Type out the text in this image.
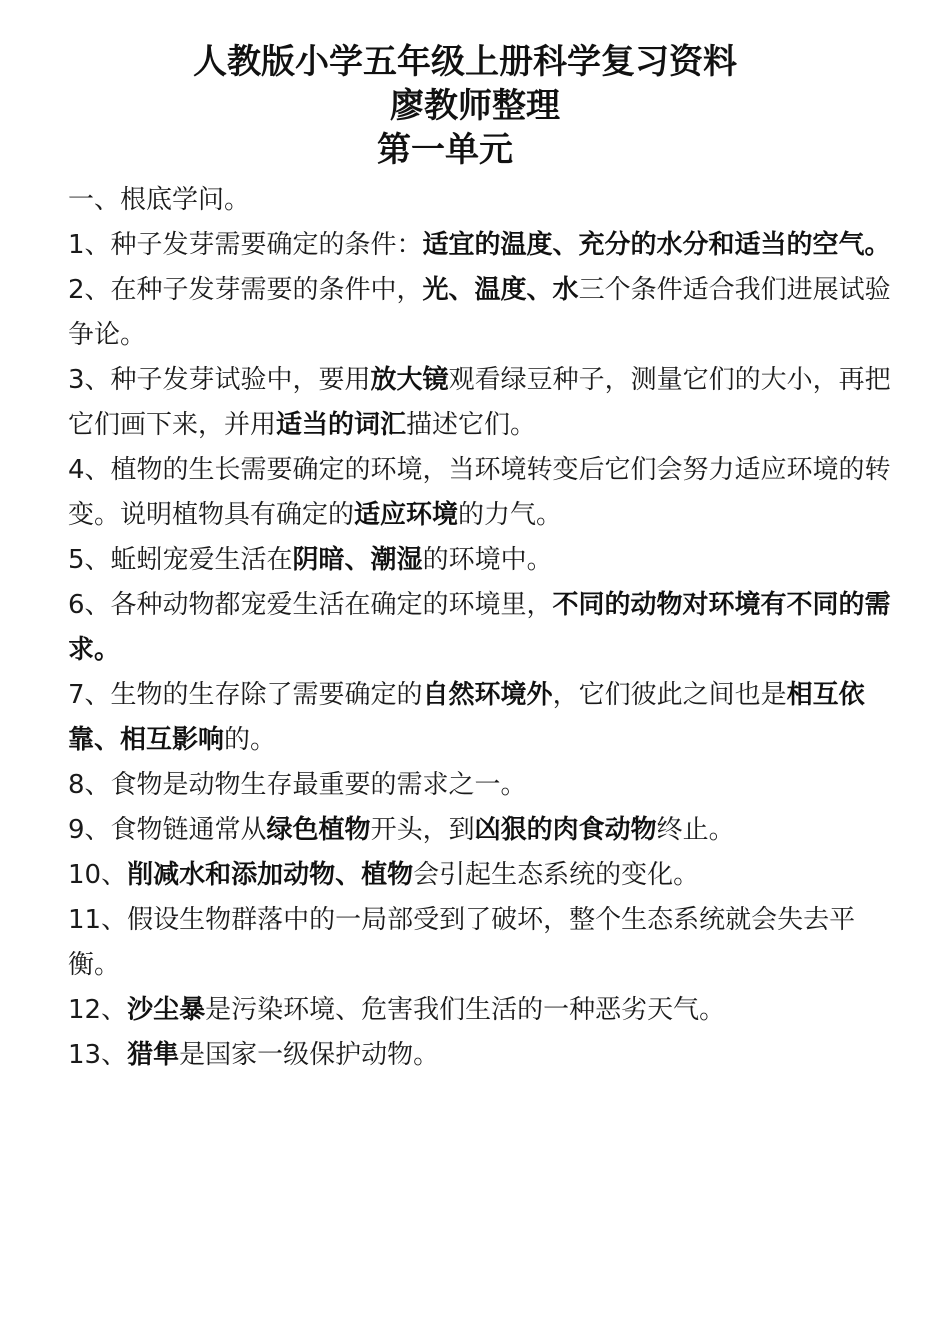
人教版小学五年级上册科学复习资料
廖教师整理
第一单元

一、根底学问。

1、种子发芽需要确定的条件：适宜的温度、充分的水分和适当的空气。

2、在种子发芽需要的条件中，光、温度、水三个条件适合我们进展试验争论。

3、种子发芽试验中，要用放大镜观看绿豆种子，测量它们的大小，再把它们画下来，并用适当的词汇描述它们。

4、植物的生长需要确定的环境，当环境转变后它们会努力适应环境的转变。说明植物具有确定的适应环境的力气。

5、蚯蚓宠爱生活在阴暗、潮湿的环境中。

6、各种动物都宠爱生活在确定的环境里，不同的动物对环境有不同的需求。

7、生物的生存除了需要确定的自然环境外，它们彼此之间也是相互依靠、相互影响的。

8、食物是动物生存最重要的需求之一。

9、食物链通常从绿色植物开头，到凶狠的肉食动物终止。

10、削减水和添加动物、植物会引起生态系统的变化。

11、假设生物群落中的一局部受到了破坏，整个生态系统就会失去平衡。

12、沙尘暴是污染环境、危害我们生活的一种恶劣天气。

13、猎隼是国家一级保护动物。
